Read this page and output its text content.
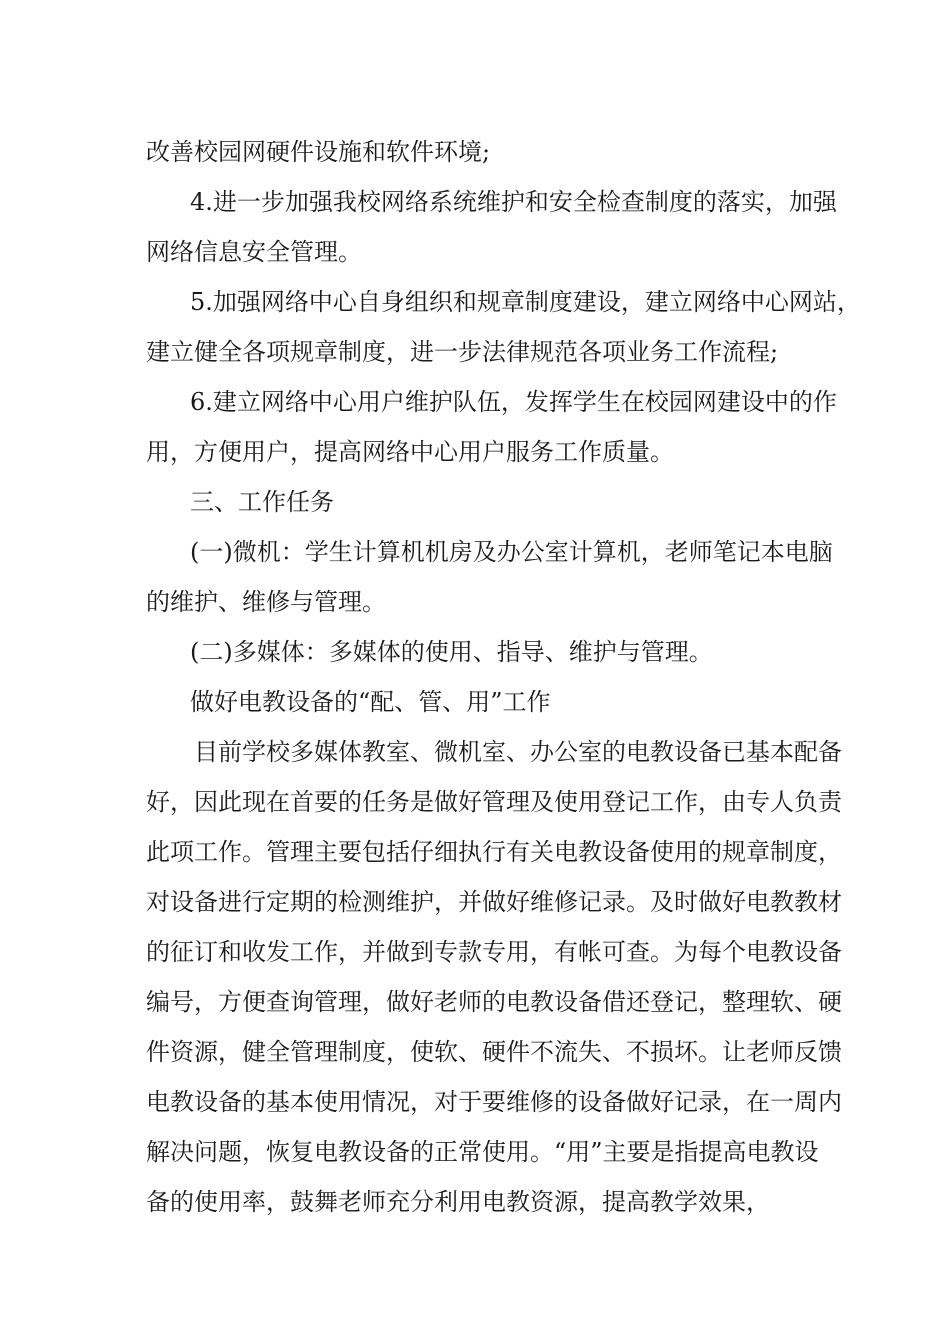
改善校园网硬件设施和软件环境;
4.进一步加强我校网络系统维护和安全检查制度的落实，加强
网络信息安全管理。
5.加强网络中心自身组织和规章制度建设，建立网络中心网站，
建立健全各项规章制度，进一步法律规范各项业务工作流程;
6.建立网络中心用户维护队伍，发挥学生在校园网建设中的作
用，方便用户，提高网络中心用户服务工作质量。
三、工作任务
(一)微机：学生计算机机房及办公室计算机，老师笔记本电脑
的维护、维修与管理。
(二)多媒体：多媒体的使用、指导、维护与管理。
做好电教设备的“配、管、用”工作
目前学校多媒体教室、微机室、办公室的电教设备已基本配备
好，因此现在首要的任务是做好管理及使用登记工作，由专人负责
此项工作。管理主要包括仔细执行有关电教设备使用的规章制度，
对设备进行定期的检测维护，并做好维修记录。及时做好电教教材
的征订和收发工作，并做到专款专用，有帐可查。为每个电教设备
编号，方便查询管理，做好老师的电教设备借还登记，整理软、硬
件资源，健全管理制度，使软、硬件不流失、不损坏。让老师反馈
电教设备的基本使用情况，对于要维修的设备做好记录，在一周内
解决问题，恢复电教设备的正常使用。“用”主要是指提高电教设
备的使用率，鼓舞老师充分利用电教资源，提高教学效果，
